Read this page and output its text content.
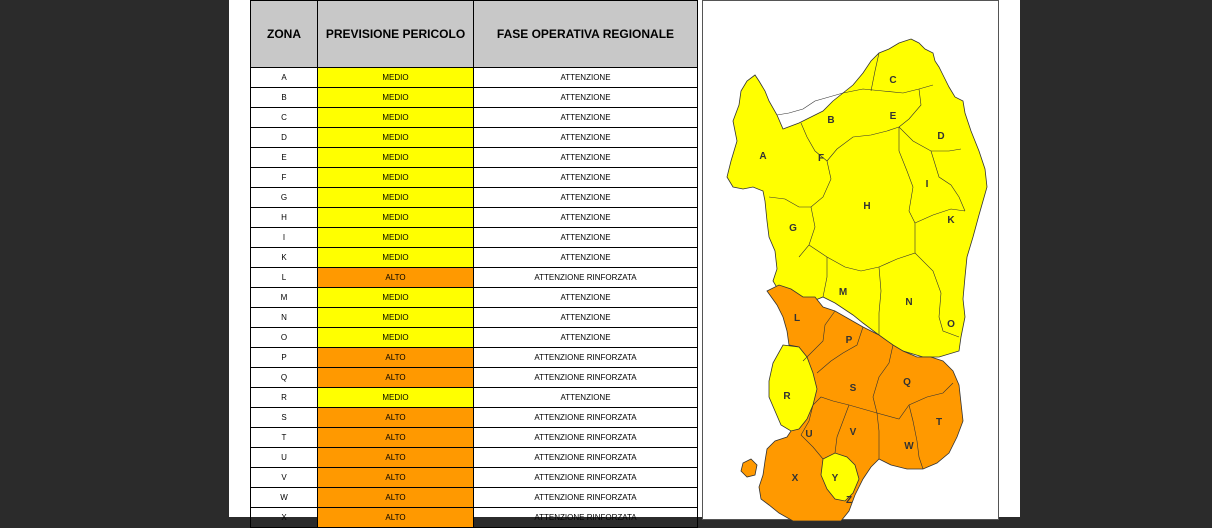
ZONA	PREVISIONE PERICOLO	FASE OPERATIVA REGIONALE
A	MEDIO	ATTENZIONE
B	MEDIO	ATTENZIONE
C	MEDIO	ATTENZIONE
D	MEDIO	ATTENZIONE
E	MEDIO	ATTENZIONE
F	MEDIO	ATTENZIONE
G	MEDIO	ATTENZIONE
H	MEDIO	ATTENZIONE
I	MEDIO	ATTENZIONE
K	MEDIO	ATTENZIONE
L	ALTO	ATTENZIONE RINFORZATA
M	MEDIO	ATTENZIONE
N	MEDIO	ATTENZIONE
O	MEDIO	ATTENZIONE
P	ALTO	ATTENZIONE RINFORZATA
Q	ALTO	ATTENZIONE RINFORZATA
R	MEDIO	ATTENZIONE
S	ALTO	ATTENZIONE RINFORZATA
T	ALTO	ATTENZIONE RINFORZATA
U	ALTO	ATTENZIONE RINFORZATA
V	ALTO	ATTENZIONE RINFORZATA
W	ALTO	ATTENZIONE RINFORZATA
X	ALTO	ATTENZIONE RINFORZATA
A
B
C
D
E
F
G
H
I
K
L
M
N
O
P
Q
R
S
T
U	V
W
X	Y
Z
